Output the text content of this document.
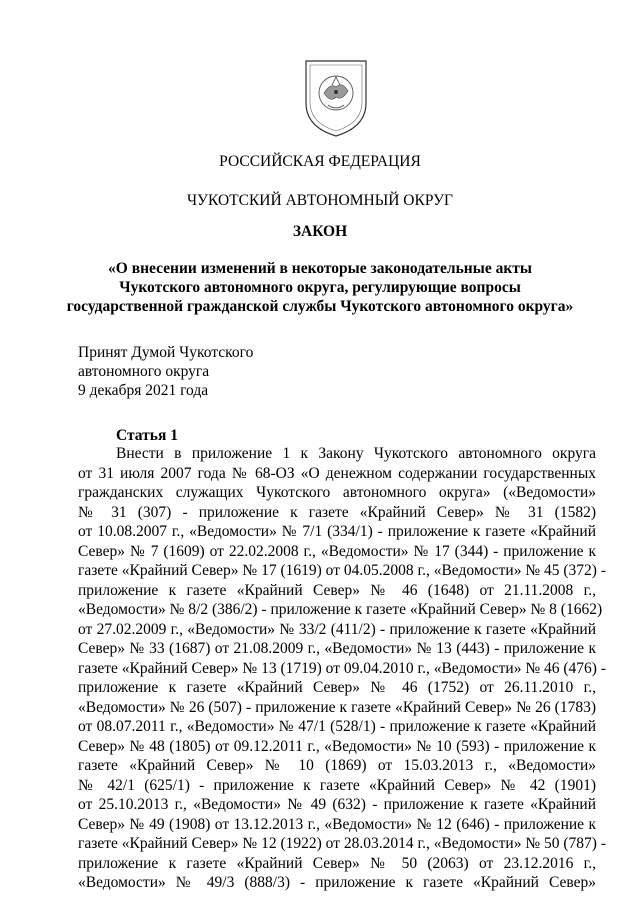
РОССИЙСКАЯ ФЕДЕРАЦИЯ
ЧУКОТСКИЙ АВТОНОМНЫЙ ОКРУГ
ЗАКОН
«О внесении изменений в некоторые законодательные акты
Чукотского автономного округа, регулирующие вопросы
государственной гражданской службы Чукотского автономного округа»
Принят Думой Чукотского
автономного округа
9 декабря 2021 года
Статья 1
Внести в приложение 1 к Закону Чукотского автономного округа
от 31 июля 2007 года № 68-ОЗ «О денежном содержании государственных
гражданских служащих Чукотского автономного округа» («Ведомости»
№ 31 (307) - приложение к газете «Крайний Север» № 31 (1582)
от 10.08.2007 г., «Ведомости» № 7/1 (334/1) - приложение к газете «Крайний
Север» № 7 (1609) от 22.02.2008 г., «Ведомости» № 17 (344) - приложение к
газете «Крайний Север» № 17 (1619) от 04.05.2008 г., «Ведомости» № 45 (372) -
приложение к газете «Крайний Север» № 46 (1648) от 21.11.2008 г.,
«Ведомости» № 8/2 (386/2) - приложение к газете «Крайний Север» № 8 (1662)
от 27.02.2009 г., «Ведомости» № 33/2 (411/2) - приложение к газете «Крайний
Север» № 33 (1687) от 21.08.2009 г., «Ведомости» № 13 (443) - приложение к
газете «Крайний Север» № 13 (1719) от 09.04.2010 г., «Ведомости» № 46 (476) -
приложение к газете «Крайний Север» № 46 (1752) от 26.11.2010 г.,
«Ведомости» № 26 (507) - приложение к газете «Крайний Север» № 26 (1783)
от 08.07.2011 г., «Ведомости» № 47/1 (528/1) - приложение к газете «Крайний
Север» № 48 (1805) от 09.12.2011 г., «Ведомости» № 10 (593) - приложение к
газете «Крайний Север» № 10 (1869) от 15.03.2013 г., «Ведомости»
№ 42/1 (625/1) - приложение к газете «Крайний Север» № 42 (1901)
от 25.10.2013 г., «Ведомости» № 49 (632) - приложение к газете «Крайний
Север» № 49 (1908) от 13.12.2013 г., «Ведомости» № 12 (646) - приложение к
газете «Крайний Север» № 12 (1922) от 28.03.2014 г., «Ведомости» № 50 (787) -
приложение к газете «Крайний Север» № 50 (2063) от 23.12.2016 г.,
«Ведомости» № 49/3 (888/3) - приложение к газете «Крайний Север»
